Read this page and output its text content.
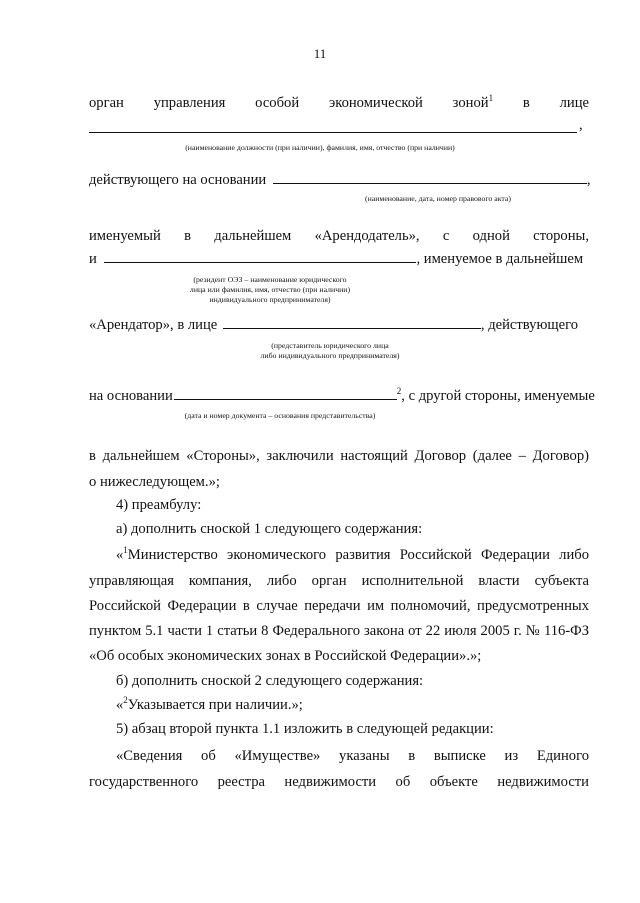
11
орган управления особой экономической зоной$^1$ в лице
,
(наименование должности (при наличии), фамилия, имя, отчество (при наличии)
действующего на основании	,
(наименование, дата, номер правового акта)
именуемый в дальнейшем «Арендодатель», с одной стороны,
и	, именуемое в дальнейшем
(резидент ОЭЗ – наименование юридического
лица или фамилия, имя, отчество (при наличии)
индивидуального предпринимателя)
«Арендатор», в лице	, действующего
(представитель юридического лица
либо индивидуального предпринимателя)
на основании	$^2$, с другой стороны, именуемые
(дата и номер документа – основания представительства)
в дальнейшем «Стороны», заключили настоящий Договор (далее – Договор)
о нижеследующем.»;
4) преамбулу:
а) дополнить сноской 1 следующего содержания:
«$^1$Министерство экономического развития Российской Федерации либо
управляющая компания, либо орган исполнительной власти субъекта
Российской Федерации в случае передачи им полномочий, предусмотренных
пунктом 5.1 части 1 статьи 8 Федерального закона от 22 июля 2005 г. № 116-ФЗ
«Об особых экономических зонах в Российской Федерации».»;
б) дополнить сноской 2 следующего содержания:
«$^2$Указывается при наличии.»;
5) абзац второй пункта 1.1 изложить в следующей редакции:
«Сведения об «Имуществе» указаны в выписке из Единого
государственного реестра недвижимости об объекте недвижимости
